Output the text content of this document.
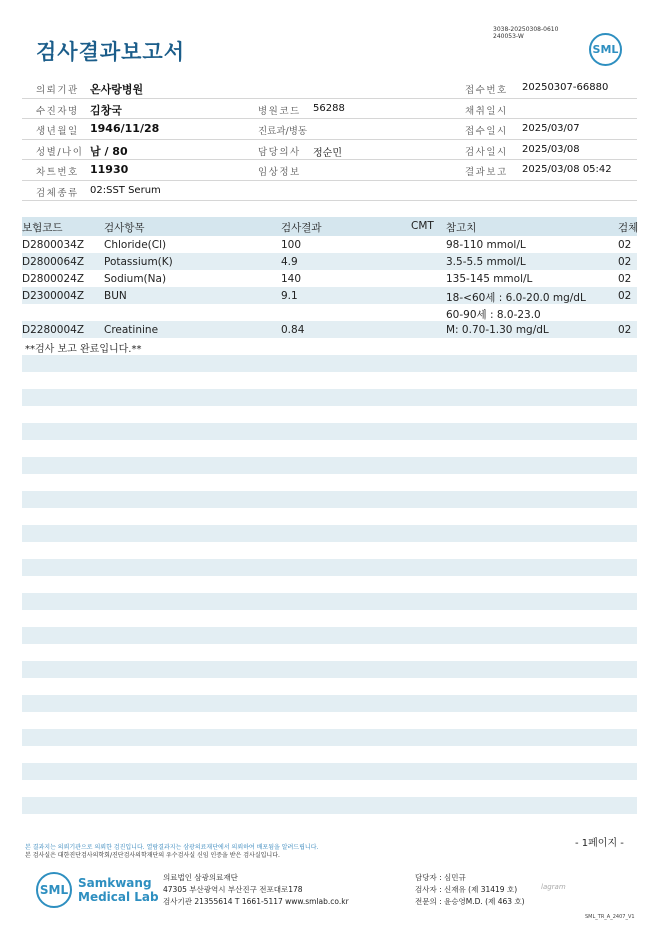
검사결과보고서
3038-20250308-0610
240053-W
SML
의뢰기관 온사랑병원	접수번호 20250307-66880
수진자명 김창국	병원코드 56288	채취일시
생년월일 1946/11/28	진료과/병동	접수일시 2025/03/07
성별/나이 남 / 80	담당의사 정순민	검사일시 2025/03/08
차트번호 11930	임상정보	결과보고 2025/03/08 05:42
검체종류 02:SST Serum
보험코드	검사항목	검사결과	CMT 참고치	검체
D2800034Z Chloride(Cl)	100	98-110 mmol/L	02
D2800064Z Potassium(K)	4.9	3.5-5.5 mmol/L	02
D2800024Z Sodium(Na)	140	135-145 mmol/L	02
D2300004Z BUN	9.1	18-<60세 : 6.0-20.0 mg/dL	02
60-90세 : 8.0-23.0
D2280004Z Creatinine	0.84	M: 0.70-1.30 mg/dL	02
**검사 보고 완료입니다.**
- 1페이지 -
본 결과지는 의뢰기관으로 의뢰한 검진입니다. 열람결과지는 삼광의료재단에서 의뢰하여 배포됨을 알려드립니다.
본 검사실은 대한진단검사의학회/진단검사의학재단의 우수검사실 신임 인증을 받은 검사실입니다.
SML Samkwang
Medical Lab
의료법인 삼광의료재단
47305 부산광역시 부산진구 전포대로178
검사기관 21355614 T 1661-5117 www.smlab.co.kr
담당자 : 심민규
검사자 : 신재유 (제 31419 호)
전문의 : 윤승영M.D. (제 463 호)
lagram
SML_TR_A_2407_V1
